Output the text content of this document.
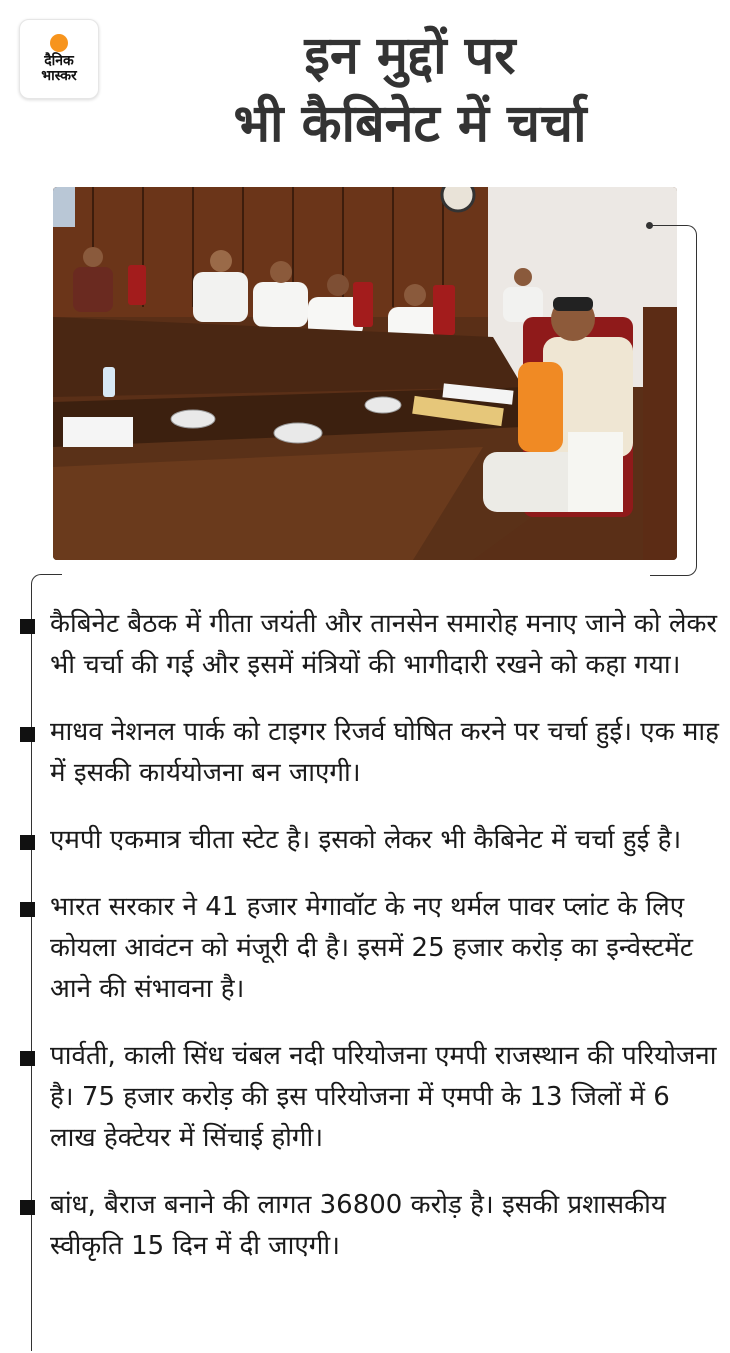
दैनिक
भास्कर	इन मुद्दों पर
भी कैबिनेट में चर्चा
कैबिनेट बैठक में गीता जयंती और तानसेन समारोह मनाए जाने को लेकर भी चर्चा की गई और इसमें मंत्रियों की भागीदारी रखने को कहा गया।
माधव नेशनल पार्क को टाइगर रिजर्व घोषित करने पर चर्चा हुई। एक माह में इसकी कार्ययोजना बन जाएगी।
एमपी एकमात्र चीता स्टेट है। इसको लेकर भी कैबिनेट में चर्चा हुई है।
भारत सरकार ने 41 हजार मेगावॉट के नए थर्मल पावर प्लांट के लिए कोयला आवंटन को मंजूरी दी है। इसमें 25 हजार करोड़ का इन्वेस्टमेंट आने की संभावना है।
पार्वती, काली सिंध चंबल नदी परियोजना एमपी राजस्थान की परियोजना है। 75 हजार करोड़ की इस परियोजना में एमपी के 13 जिलों में 6 लाख हेक्टेयर में सिंचाई होगी।
बांध, बैराज बनाने की लागत 36800 करोड़ है। इसकी प्रशासकीय स्वीकृति 15 दिन में दी जाएगी।
